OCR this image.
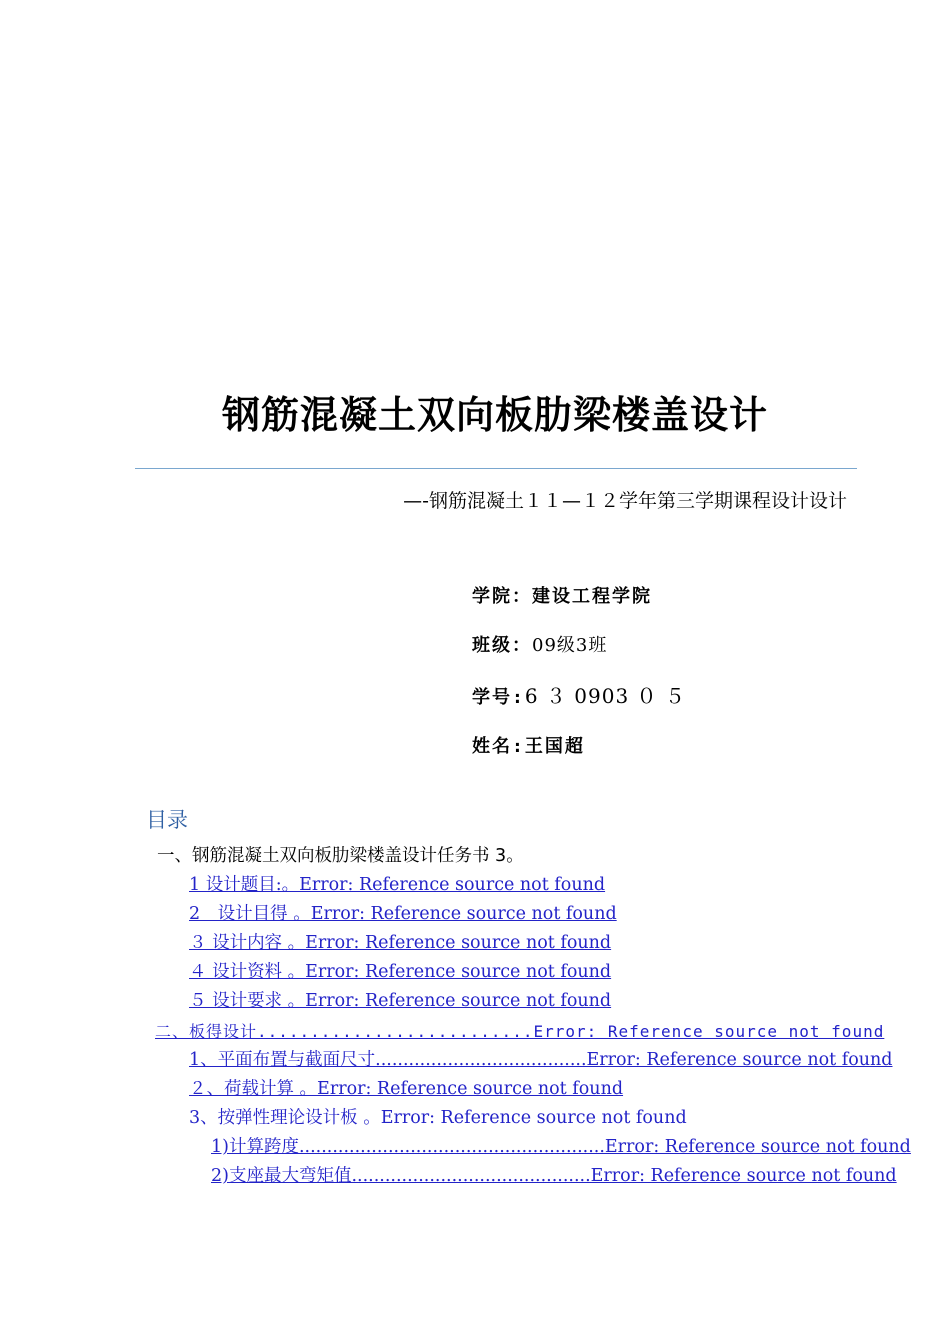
钢筋混凝土双向板肋梁楼盖设计
—-钢筋混凝土１１—１２学年第三学期课程设计设计
学院：建设工程学院
班级：09级3班
学号:6 ３ 0903 ０ ５
姓名:王国超
目录
一、钢筋混凝土双向板肋梁楼盖设计任务书 3。
1 设计题目:。Error: Reference source not found
2　设计目得 。Error: Reference source not found
３ 设计内容 。Error: Reference source not found
４ 设计资料 。Error: Reference source not found
５ 设计要求 。Error: Reference source not found
二、板得设计..........................Error: Reference source not found
1、平面布置与截面尺寸......................................Error: Reference source not found
２、荷载计算 。Error: Reference source not found
3、按弹性理论设计板 。Error: Reference source not found
1)计算跨度.......................................................Error: Reference source not found
2)支座最大弯矩值...........................................Error: Reference source not found
